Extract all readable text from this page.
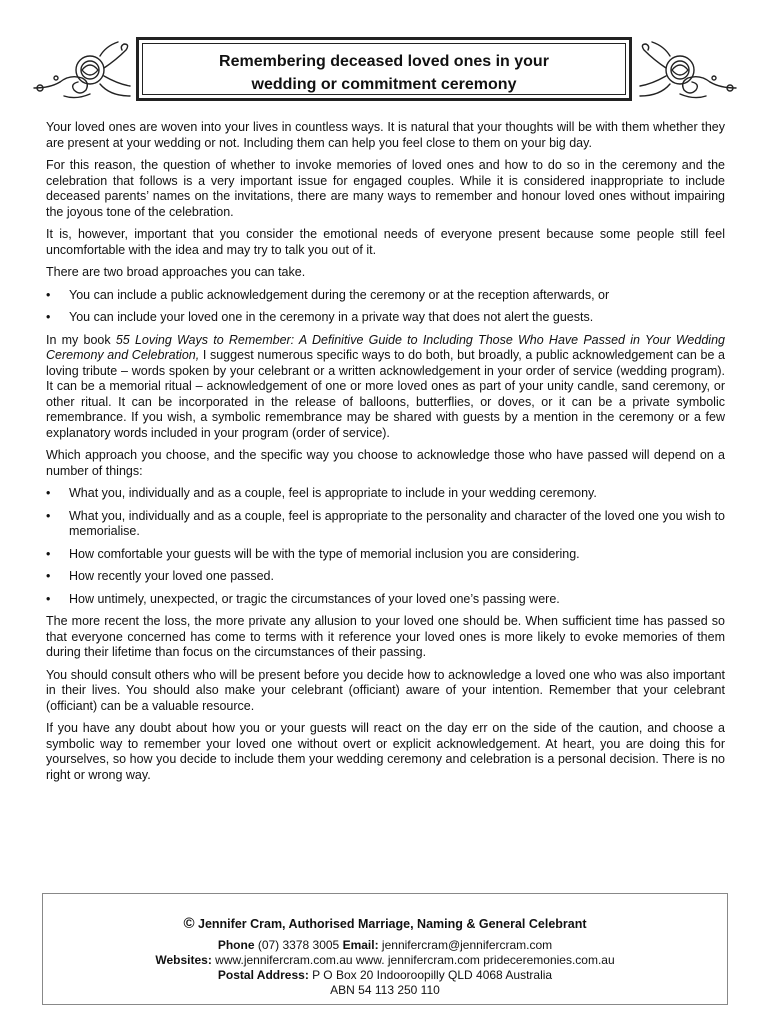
Remembering deceased loved ones in your
wedding or commitment ceremony

Your loved ones are woven into your lives in countless ways. It is natural that your thoughts will be with them whether they are present at your wedding or not. Including them can help you feel close to them on your big day.

For this reason, the question of whether to invoke memories of loved ones and how to do so in the ceremony and the celebration that follows is a very important issue for engaged couples. While it is considered inappropriate to include deceased parents’ names on the invitations, there are many ways to remember and honour loved ones without impairing the joyous tone of the celebration.

It is, however, important that you consider the emotional needs of everyone present because some people still feel uncomfortable with the idea and may try to talk you out of it.

There are two broad approaches you can take.

• You can include a public acknowledgement during the ceremony or at the reception afterwards, or
• You can include your loved one in the ceremony in a private way that does not alert the guests.

In my book 55 Loving Ways to Remember: A Definitive Guide to Including Those Who Have Passed in Your Wedding Ceremony and Celebration, I suggest numerous specific ways to do both, but broadly, a public acknowledgement can be a loving tribute – words spoken by your celebrant or a written acknowledgement in your order of service (wedding program). It can be a memorial ritual – acknowledgement of one or more loved ones as part of your unity candle, sand ceremony, or other ritual. It can be incorporated in the release of balloons, butterflies, or doves, or it can be a private symbolic remembrance. If you wish, a symbolic remembrance may be shared with guests by a mention in the ceremony or a few explanatory words included in your program (order of service).

Which approach you choose, and the specific way you choose to acknowledge those who have passed will depend on a number of things:

• What you, individually and as a couple, feel is appropriate to include in your wedding ceremony.
• What you, individually and as a couple, feel is appropriate to the personality and character of the loved one you wish to memorialise.
• How comfortable your guests will be with the type of memorial inclusion you are considering.
• How recently your loved one passed.
• How untimely, unexpected, or tragic the circumstances of your loved one’s passing were.

The more recent the loss, the more private any allusion to your loved one should be. When sufficient time has passed so that everyone concerned has come to terms with it reference your loved ones is more likely to evoke memories of them during their lifetime than focus on the circumstances of their passing.

You should consult others who will be present before you decide how to acknowledge a loved one who was also important in their lives. You should also make your celebrant (officiant) aware of your intention. Remember that your celebrant (officiant) can be a valuable resource.

If you have any doubt about how you or your guests will react on the day err on the side of the caution, and choose a symbolic way to remember your loved one without overt or explicit acknowledgement. At heart, you are doing this for yourselves, so how you decide to include them your wedding ceremony and celebration is a personal decision. There is no right or wrong way.

© Jennifer Cram, Authorised Marriage, Naming & General Celebrant
Phone (07) 3378 3005 Email: jennifercram@jennifercram.com
Websites: www.jennifercram.com.au www. jennifercram.com prideceremonies.com.au
Postal Address: P O Box 20 Indooroopilly QLD 4068 Australia
ABN 54 113 250 110
